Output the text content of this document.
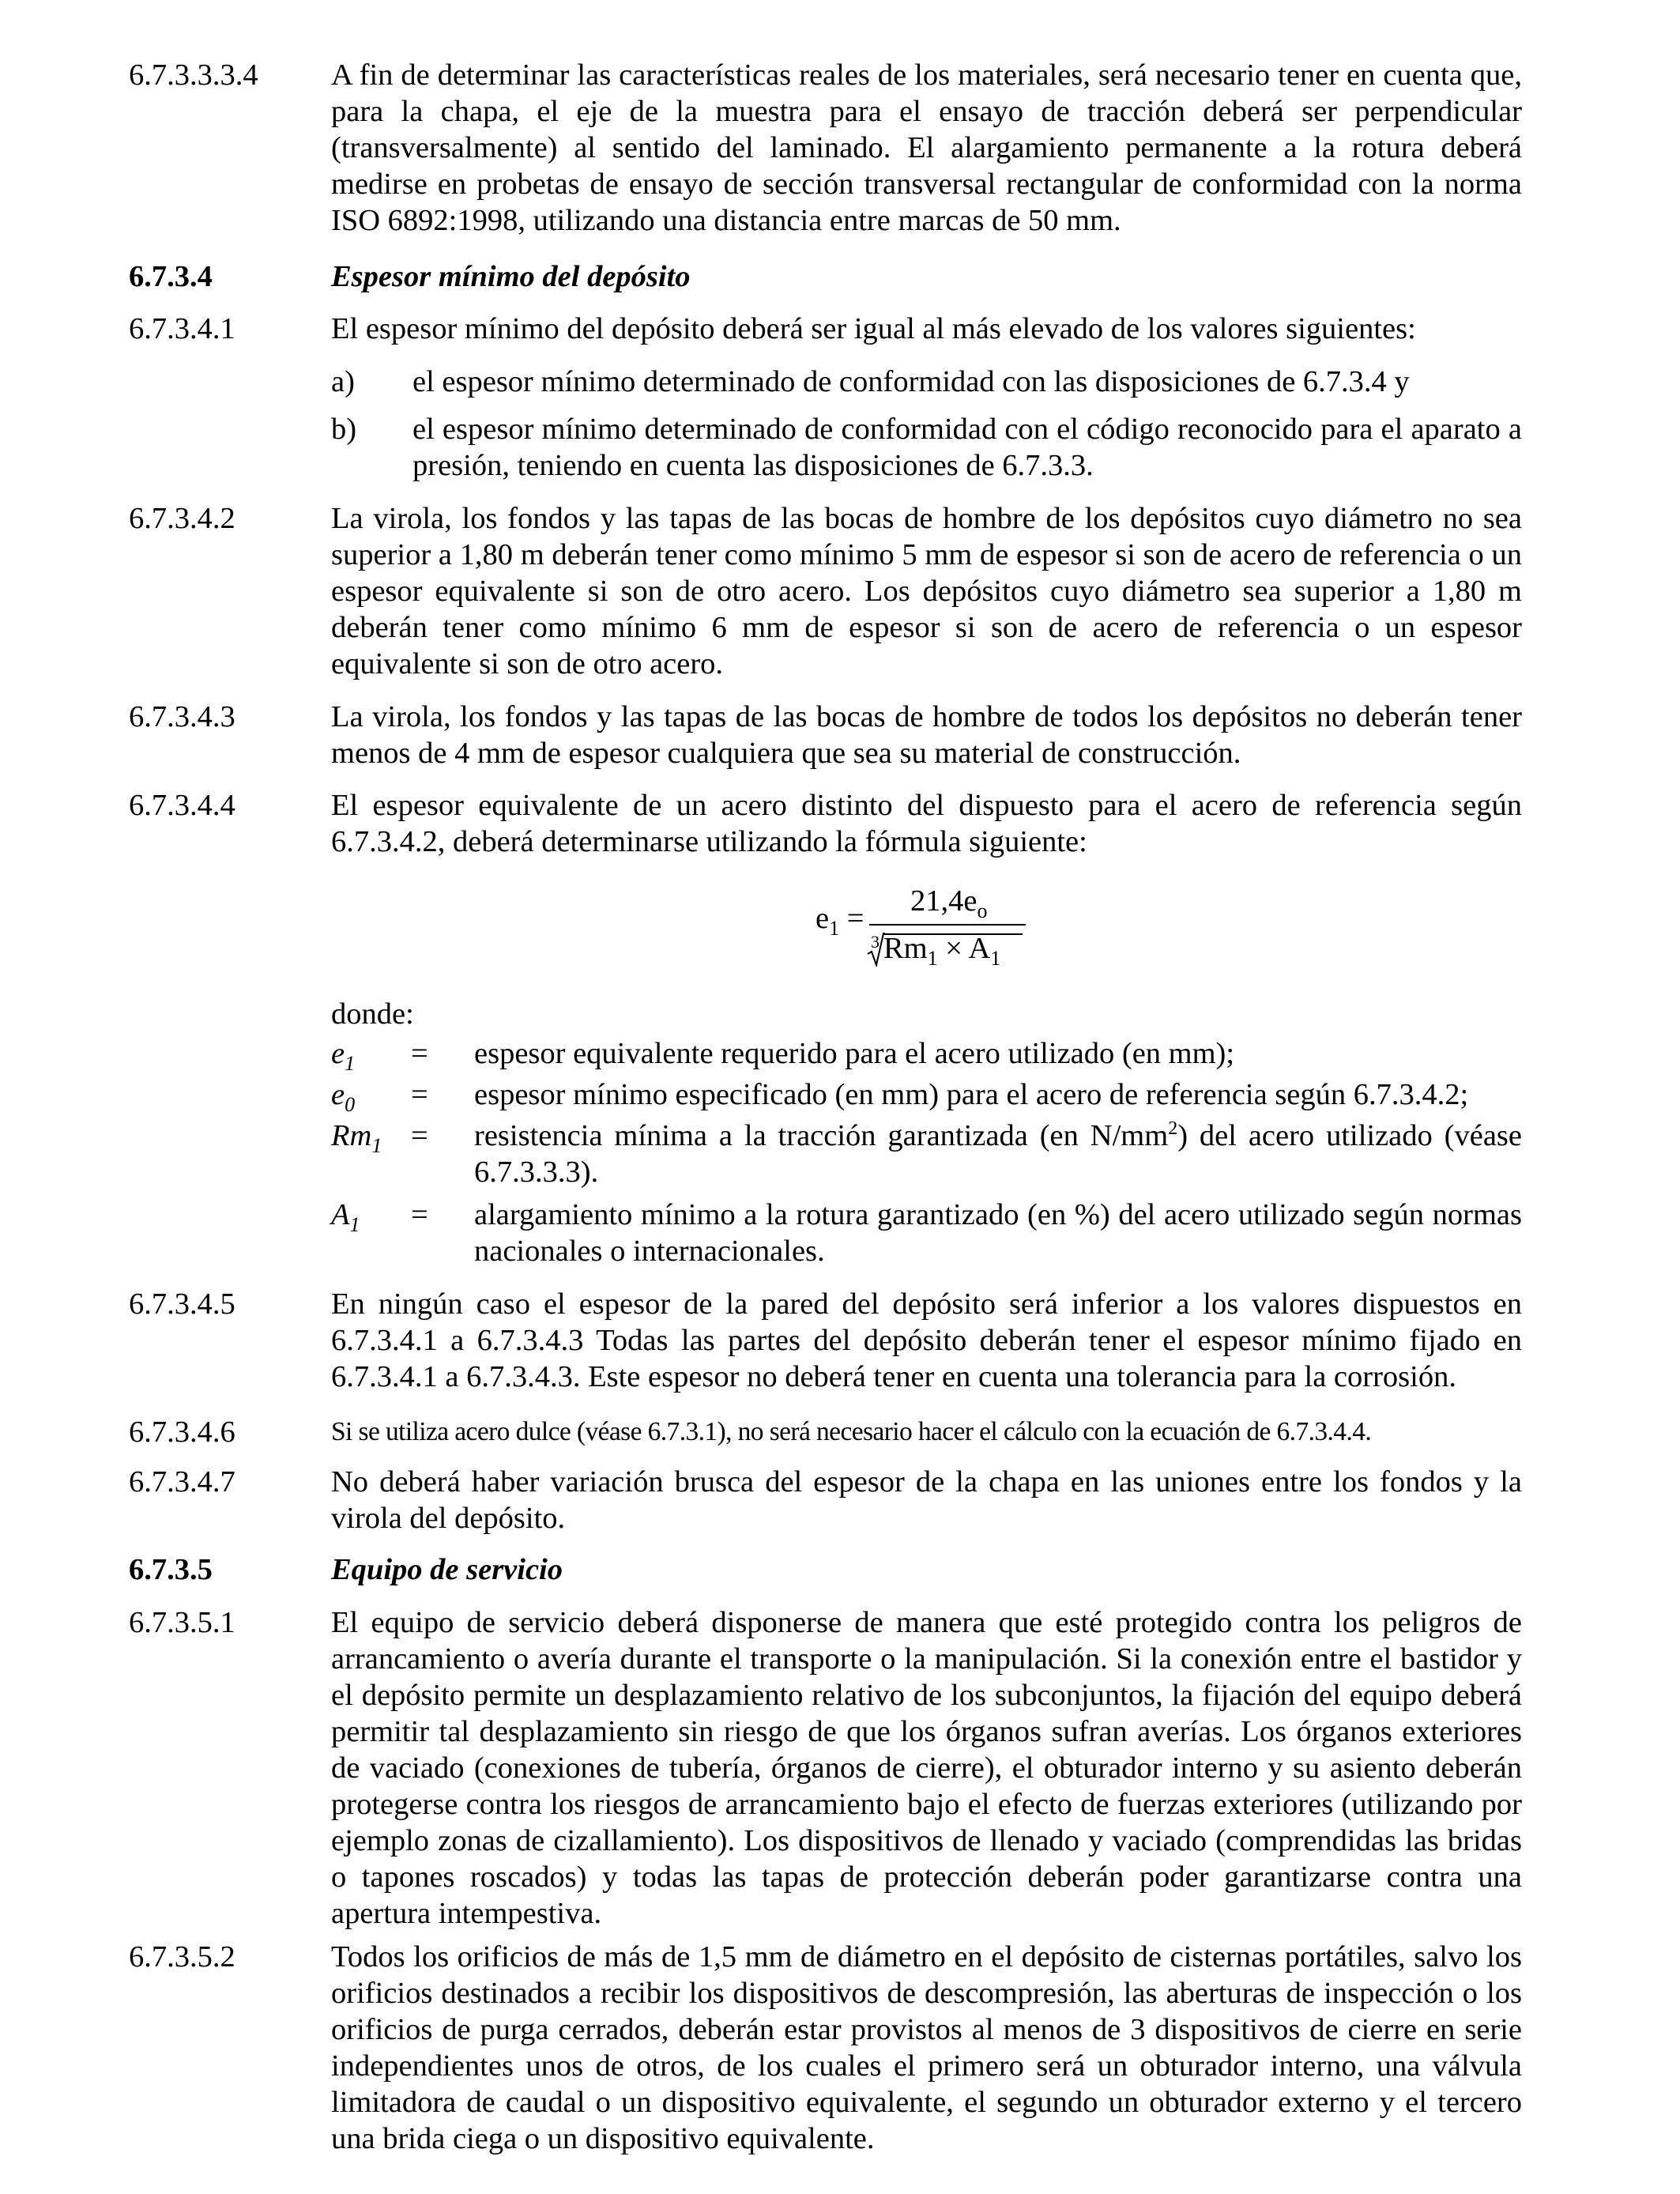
6.7.3.3.3.4 A fin de determinar las características reales de los materiales, será necesario tener en cuenta que, para la chapa, el eje de la muestra para el ensayo de tracción deberá ser perpendicular (transversalmente) al sentido del laminado. El alargamiento permanente a la rotura deberá medirse en probetas de ensayo de sección transversal rectangular de conformidad con la norma ISO 6892:1998, utilizando una distancia entre marcas de 50 mm.
6.7.3.4	Espesor mínimo del depósito
6.7.3.4.1	El espesor mínimo del depósito deberá ser igual al más elevado de los valores siguientes:
a) el espesor mínimo determinado de conformidad con las disposiciones de 6.7.3.4 y
b) el espesor mínimo determinado de conformidad con el código reconocido para el aparato a presión, teniendo en cuenta las disposiciones de 6.7.3.3.
6.7.3.4.2	La virola, los fondos y las tapas de las bocas de hombre de los depósitos cuyo diámetro no sea superior a 1,80 m deberán tener como mínimo 5 mm de espesor si son de acero de referencia o un espesor equivalente si son de otro acero. Los depósitos cuyo diámetro sea superior a 1,80 m deberán tener como mínimo 6 mm de espesor si son de acero de referencia o un espesor equivalente si son de otro acero.
6.7.3.4.3	La virola, los fondos y las tapas de las bocas de hombre de todos los depósitos no deberán tener menos de 4 mm de espesor cualquiera que sea su material de construcción.
6.7.3.4.4	El espesor equivalente de un acero distinto del dispuesto para el acero de referencia según 6.7.3.4.2, deberá determinarse utilizando la fórmula siguiente:
$e_1$ =
$21,4e_o$
3 $Rm_1 \times A_1$
donde:
$e_1$ = espesor equivalente requerido para el acero utilizado (en mm);
$e_0$ = espesor mínimo especificado (en mm) para el acero de referencia según 6.7.3.4.2;
$Rm_1$ = resistencia mínima a la tracción garantizada (en $N/mm^2$) del acero utilizado (véase 6.7.3.3.3).
$A_1$ = alargamiento mínimo a la rotura garantizado (en %) del acero utilizado según normas nacionales o internacionales.
6.7.3.4.5	En ningún caso el espesor de la pared del depósito será inferior a los valores dispuestos en 6.7.3.4.1 a 6.7.3.4.3 Todas las partes del depósito deberán tener el espesor mínimo fijado en 6.7.3.4.1 a 6.7.3.4.3. Este espesor no deberá tener en cuenta una tolerancia para la corrosión.
6.7.3.4.6	Si se utiliza acero dulce (véase 6.7.3.1), no será necesario hacer el cálculo con la ecuación de 6.7.3.4.4.
6.7.3.4.7	No deberá haber variación brusca del espesor de la chapa en las uniones entre los fondos y la virola del depósito.
6.7.3.5	Equipo de servicio
6.7.3.5.1	El equipo de servicio deberá disponerse de manera que esté protegido contra los peligros de arrancamiento o avería durante el transporte o la manipulación. Si la conexión entre el bastidor y el depósito permite un desplazamiento relativo de los subconjuntos, la fijación del equipo deberá permitir tal desplazamiento sin riesgo de que los órganos sufran averías. Los órganos exteriores de vaciado (conexiones de tubería, órganos de cierre), el obturador interno y su asiento deberán protegerse contra los riesgos de arrancamiento bajo el efecto de fuerzas exteriores (utilizando por ejemplo zonas de cizallamiento). Los dispositivos de llenado y vaciado (comprendidas las bridas o tapones roscados) y todas las tapas de protección deberán poder garantizarse contra una apertura intempestiva.
6.7.3.5.2	Todos los orificios de más de 1,5 mm de diámetro en el depósito de cisternas portátiles, salvo los orificios destinados a recibir los dispositivos de descompresión, las aberturas de inspección o los orificios de purga cerrados, deberán estar provistos al menos de 3 dispositivos de cierre en serie independientes unos de otros, de los cuales el primero será un obturador interno, una válvula limitadora de caudal o un dispositivo equivalente, el segundo un obturador externo y el tercero una brida ciega o un dispositivo equivalente.
